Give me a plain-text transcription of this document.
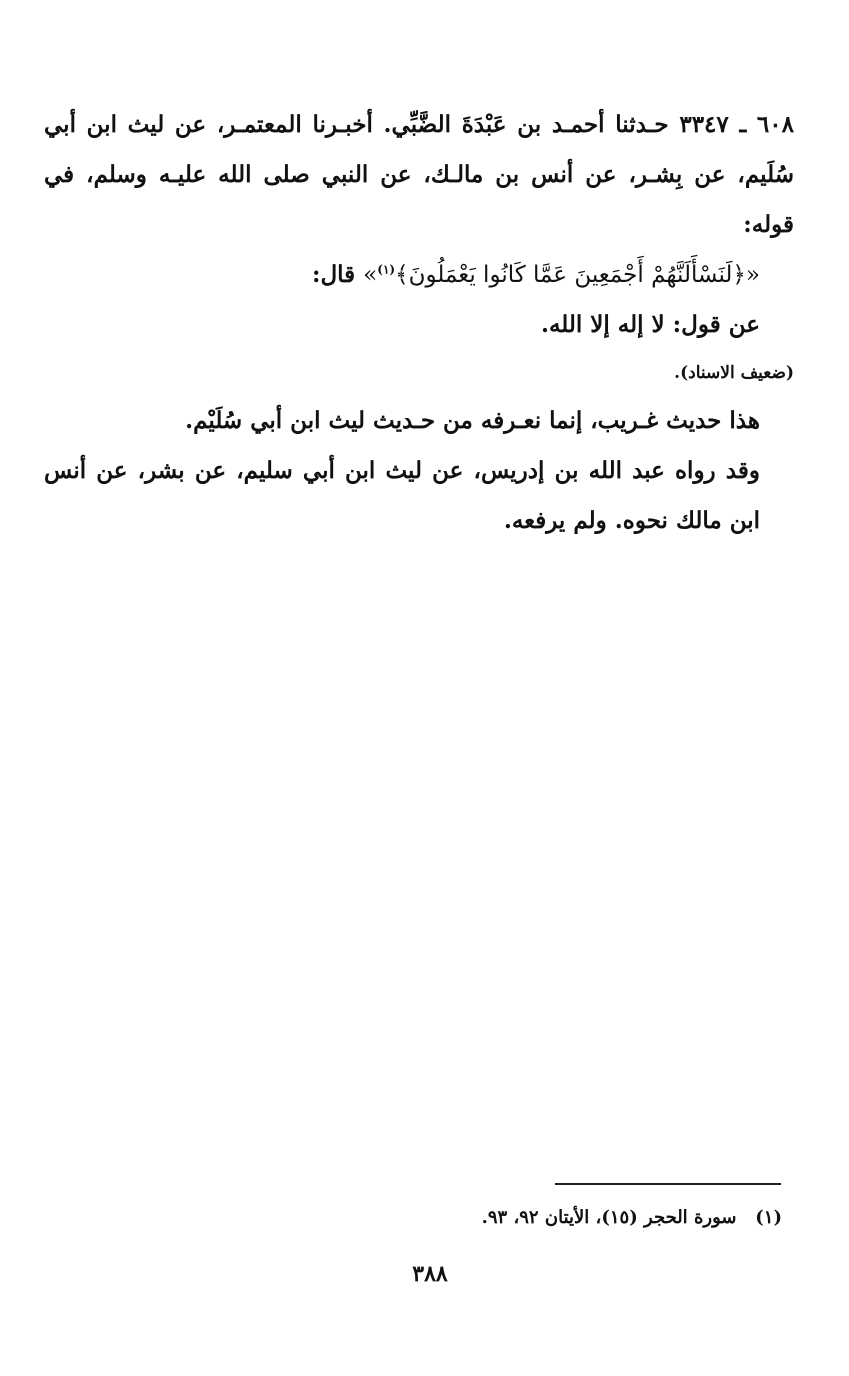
٦٠٨ ـ ٣٣٤٧ حـدثنا أحمـد بن عَبْدَةَ الضَّبِّي. أخبـرنا المعتمـر، عن ليث ابن أبي سُلَيم، عن بِشـر، عن أنس بن مالـك، عن النبي صلى الله عليـه وسلم، في قوله:

«﴿لَنَسْأَلَنَّهُمْ أَجْمَعِينَ عَمَّا كَانُوا يَعْمَلُونَ﴾$^{(١)}$» قال:

عن قول: لا إله إلا الله.

(ضعيف الاسناد).

هذا حديث غـريب، إنما نعـرفه من حـديث ليث ابن أبي سُلَيْم.

وقد رواه عبد الله بن إدريس، عن ليث ابن أبي سليم، عن بشر، عن أنس ابن مالك نحوه. ولم يرفعه.

(١)   سورة الحجر (١٥)، الأيتان ٩٢، ٩٣.
٣٨٨
